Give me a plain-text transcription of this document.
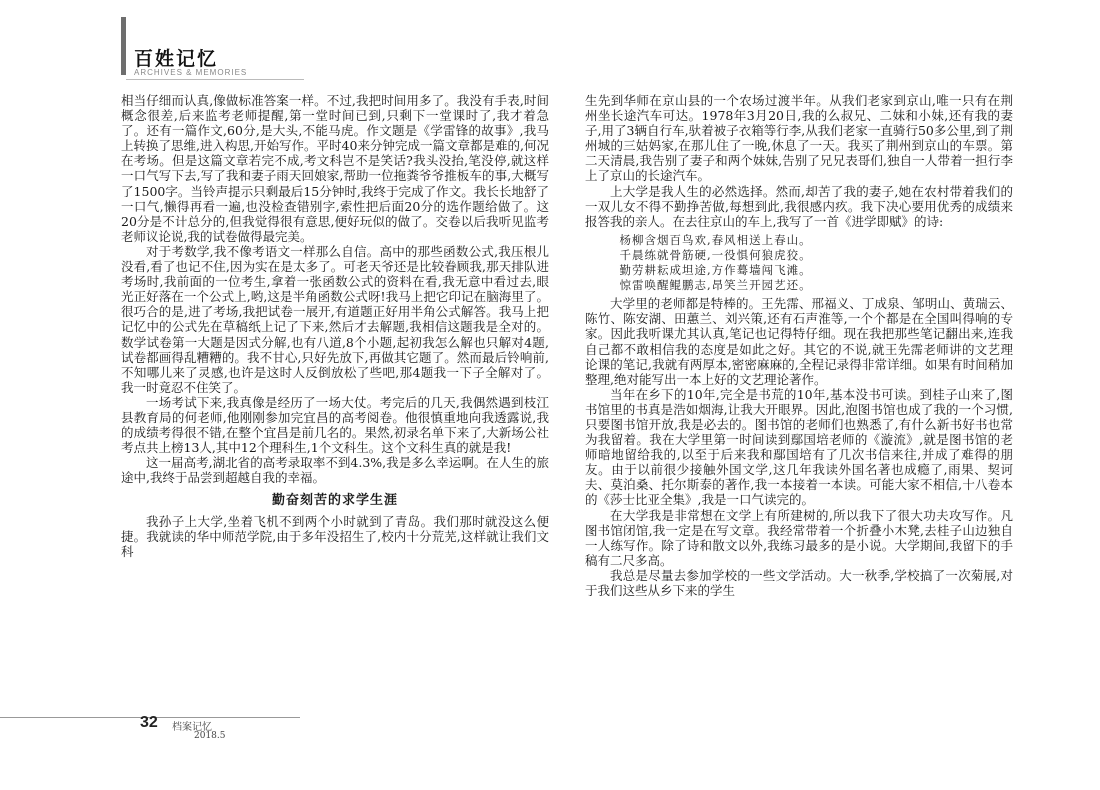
百姓记忆
ARCHIVES & MEMORIES

相当仔细而认真,像做标准答案一样。不过,我把时间用多了。我没有手表,时间概念很差,后来监考老师提醒,第一堂时间已到,只剩下一堂课时了,我才着急了。还有一篇作文,60分,是大头,不能马虎。作文题是《学雷锋的故事》,我马上转换了思维,进入构思,开始写作。平时40来分钟完成一篇文章都是难的,何况在考场。但是这篇文章若完不成,考文科岂不是笑话?我头没抬,笔没停,就这样一口气写下去,写了我和妻子雨天回娘家,帮助一位拖粪爷爷推板车的事,大概写了1500字。当铃声提示只剩最后15分钟时,我终于完成了作文。我长长地舒了一口气,懒得再看一遍,也没检查错别字,索性把后面20分的选作题给做了。这20分是不计总分的,但我觉得很有意思,便好玩似的做了。交卷以后我听见监考老师议论说,我的试卷做得最完美。

对于考数学,我不像考语文一样那么自信。高中的那些函数公式,我压根儿没看,看了也记不住,因为实在是太多了。可老天爷还是比较眷顾我,那天排队进考场时,我前面的一位考生,拿着一张函数公式的资料在看,我无意中看过去,眼光正好落在一个公式上,哟,这是半角函数公式呀!我马上把它印记在脑海里了。很巧合的是,进了考场,我把试卷一展开,有道题正好用半角公式解答。我马上把记忆中的公式先在草稿纸上记了下来,然后才去解题,我相信这题我是全对的。数学试卷第一大题是因式分解,也有八道,8个小题,起初我怎么解也只解对4题,试卷都画得乱糟糟的。我不甘心,只好先放下,再做其它题了。然而最后铃响前,不知哪儿来了灵感,也许是这时人反倒放松了些吧,那4题我一下子全解对了。我一时竟忍不住笑了。

一场考试下来,我真像是经历了一场大仗。考完后的几天,我偶然遇到枝江县教育局的何老师,他刚刚参加完宜昌的高考阅卷。他很慎重地向我透露说,我的成绩考得很不错,在整个宜昌是前几名的。果然,初录名单下来了,大新场公社考点共上榜13人,其中12个理科生,1个文科生。这个文科生真的就是我!

这一届高考,湖北省的高考录取率不到4.3%,我是多么幸运啊。在人生的旅途中,我终于品尝到超越自我的幸福。

勤奋刻苦的求学生涯

我孙子上大学,坐着飞机不到两个小时就到了青岛。我们那时就没这么便捷。我就读的华中师范学院,由于多年没招生了,校内十分荒芜,这样就让我们文科

生先到华师在京山县的一个农场过渡半年。从我们老家到京山,唯一只有在荆州坐长途汽车可达。1978年3月20日,我的么叔兄、二妹和小妹,还有我的妻子,用了3辆自行车,驮着被子衣箱等行李,从我们老家一直骑行50多公里,到了荆州城的三姑妈家,在那儿住了一晚,休息了一天。我买了荆州到京山的车票。第二天清晨,我告别了妻子和两个妹妹,告别了兄兄表哥们,独自一人带着一担行李上了京山的长途汽车。

上大学是我人生的必然选择。然而,却苦了我的妻子,她在农村带着我们的一双儿女不得不勤挣苦做,每想到此,我很感内疚。我下决心要用优秀的成绩来报答我的亲人。在去往京山的车上,我写了一首《进学即赋》的诗:

杨柳含烟百鸟欢,春风相送上春山。
千晨练就骨筋硬,一役惧何狼虎狡。
勤劳耕耘成坦途,方作蓦墙闯飞滩。
惊雷唤醒鲲鹏志,昂笑兰开园艺还。

大学里的老师都是特棒的。王先霈、邢福义、丁成泉、邹明山、黄瑞云、陈竹、陈安湖、田蕙兰、刘兴策,还有石声淮等,一个个都是在全国叫得响的专家。因此我听课尤其认真,笔记也记得特仔细。现在我把那些笔记翻出来,连我自己都不敢相信我的态度是如此之好。其它的不说,就王先霈老师讲的文艺理论课的笔记,我就有两厚本,密密麻麻的,全程记录得非常详细。如果有时间稍加整理,绝对能写出一本上好的文艺理论著作。

当年在乡下的10年,完全是书荒的10年,基本没书可读。到桂子山来了,图书馆里的书真是浩如烟海,让我大开眼界。因此,泡图书馆也成了我的一个习惯,只要图书馆开放,我是必去的。图书馆的老师们也熟悉了,有什么新书好书也常为我留着。我在大学里第一时间读到鄢国培老师的《漩流》,就是图书馆的老师暗地留给我的,以至于后来我和鄢国培有了几次书信来往,并成了难得的朋友。由于以前很少接触外国文学,这几年我读外国名著也成瘾了,雨果、契诃夫、莫泊桑、托尔斯泰的著作,我一本接着一本读。可能大家不相信,十八卷本的《莎士比亚全集》,我是一口气读完的。

在大学我是非常想在文学上有所建树的,所以我下了很大功夫攻写作。凡图书馆闭馆,我一定是在写文章。我经常带着一个折叠小木凳,去桂子山边独自一人练写作。除了诗和散文以外,我练习最多的是小说。大学期间,我留下的手稿有二尺多高。

我总是尽量去参加学校的一些文学活动。大一秋季,学校搞了一次菊展,对于我们这些从乡下来的学生

32 档案记忆
2018.5
